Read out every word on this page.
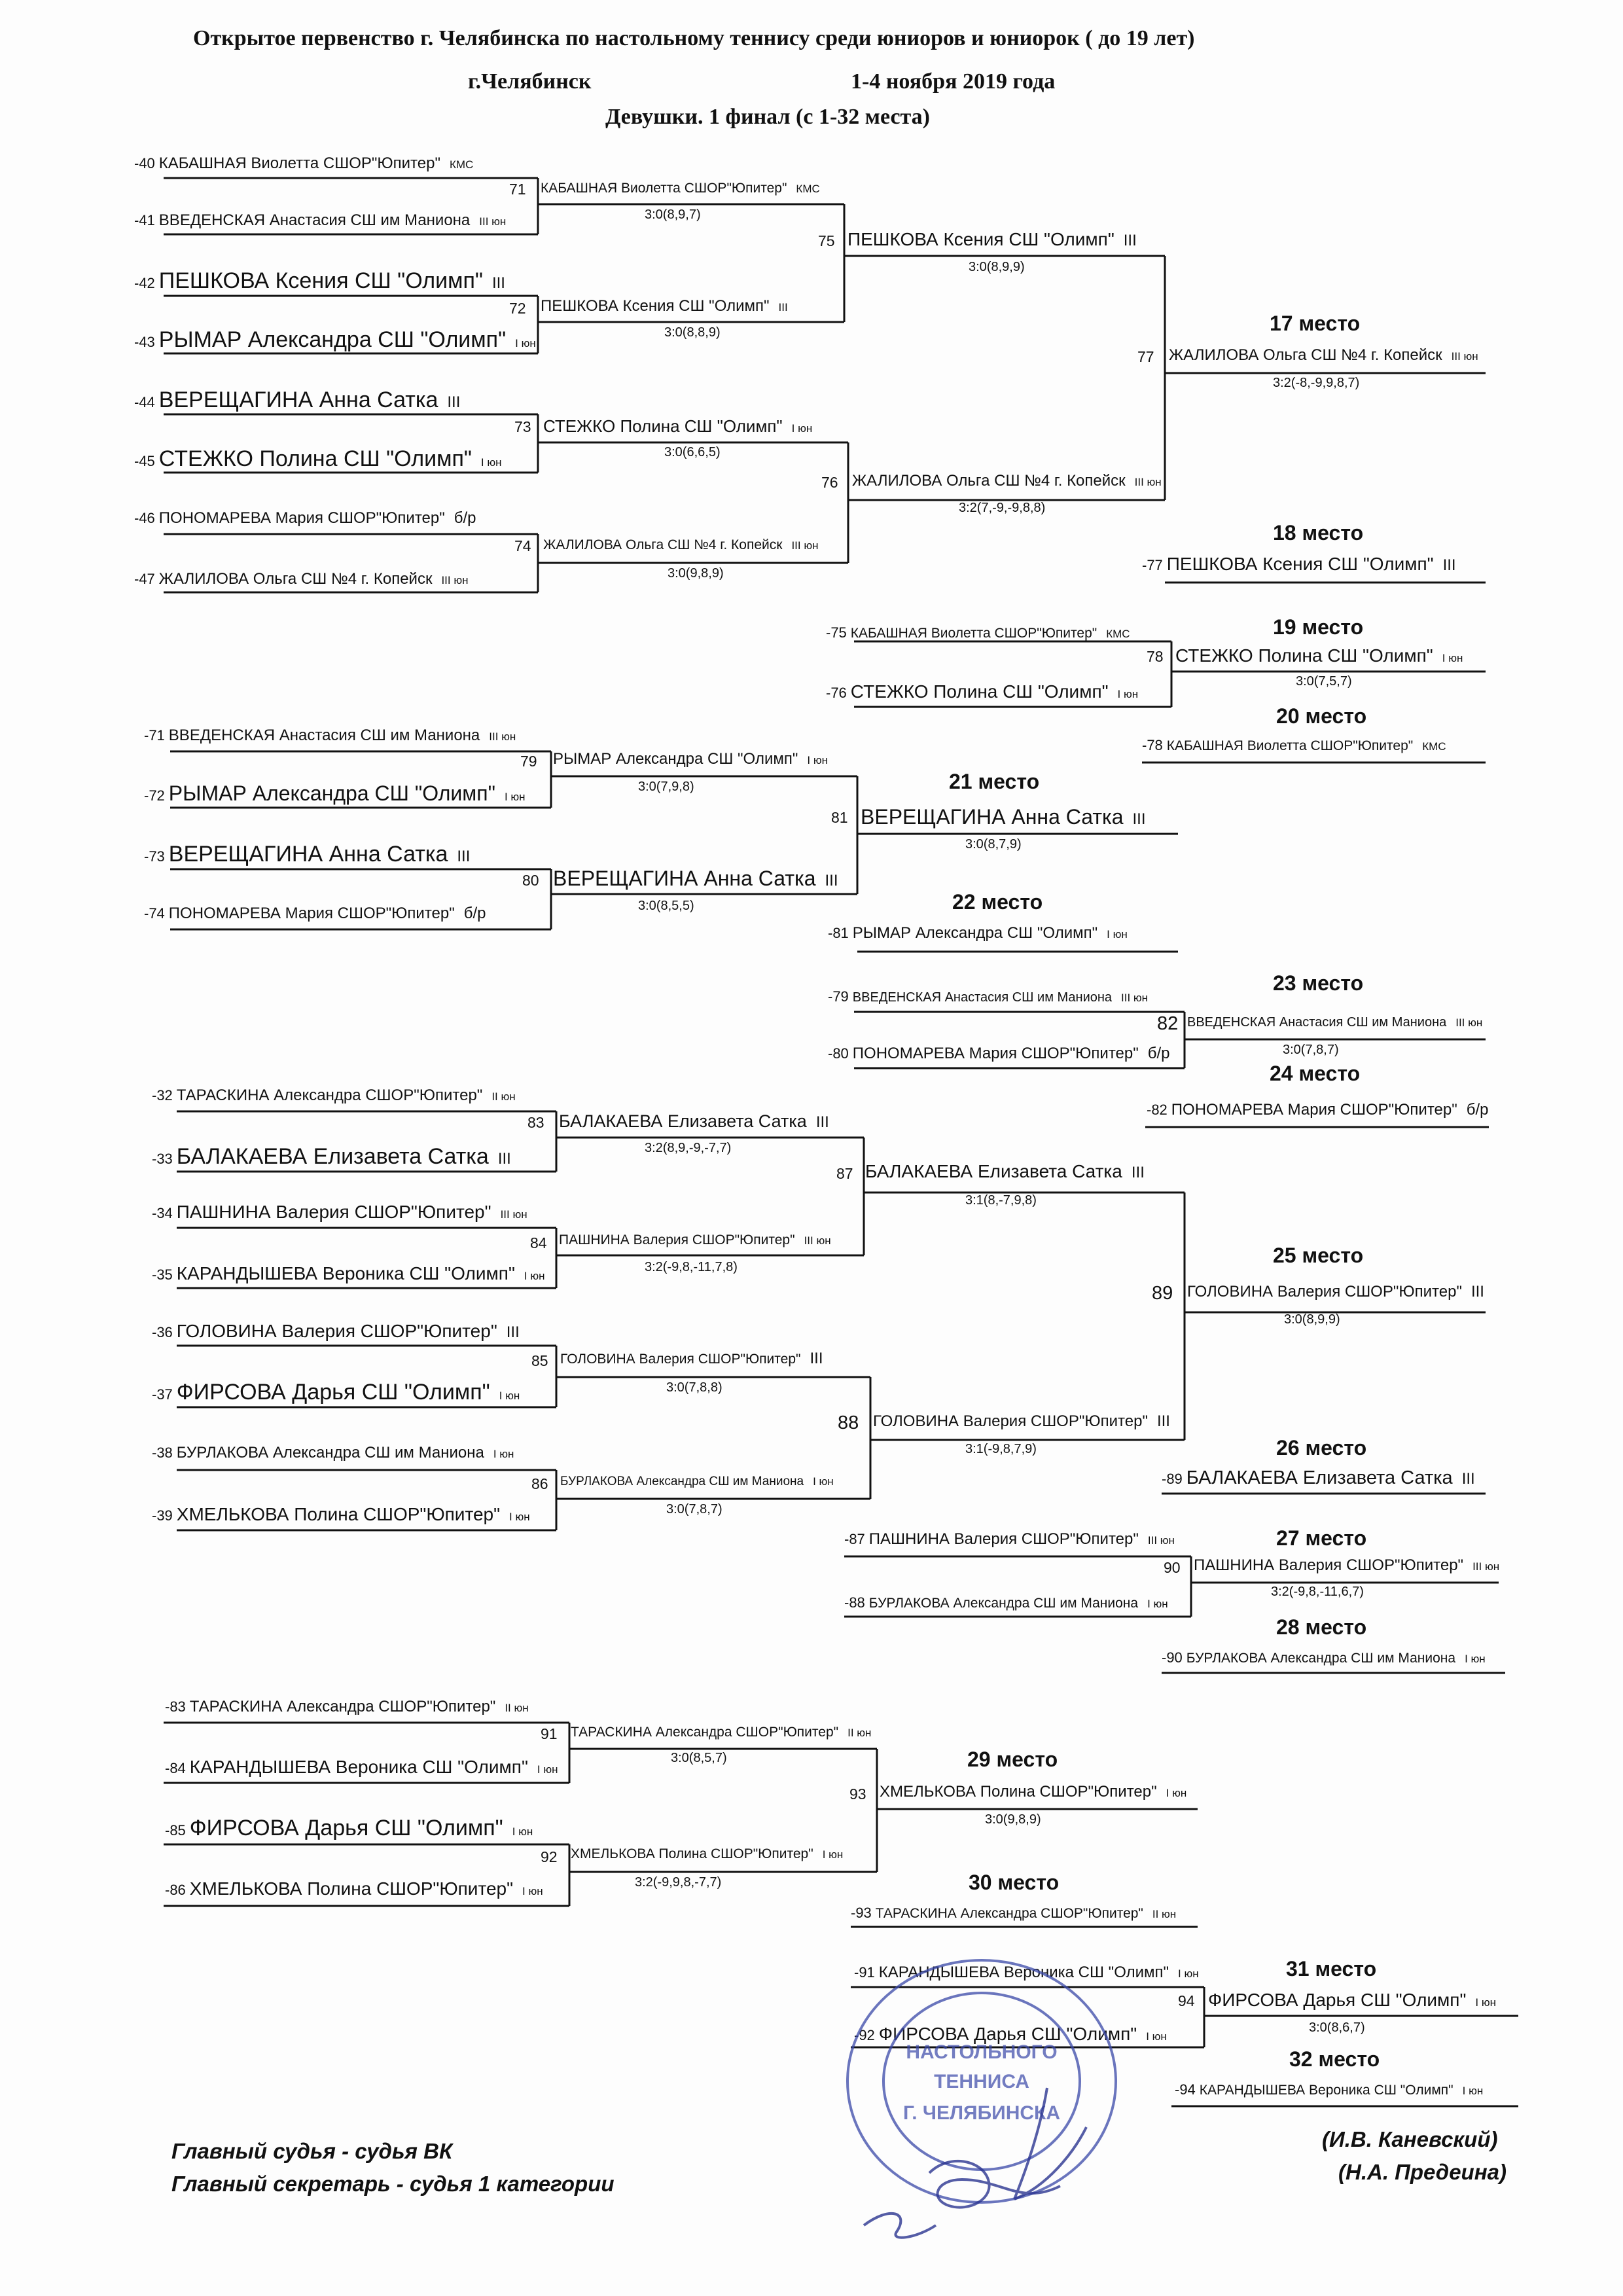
Открытое первенство г. Челябинска по настольному теннису среди юниоров и юниорок ( до 19 лет)
г.Челябинск	1-4 ноября 2019 года
Девушки. 1 финал (с 1-32 места)
-40 КАБАШНАЯ Виолетта СШОР"Юпитер" КМС
-41 ВВЕДЕНСКАЯ Анастасия СШ им Манионa III юн
-42 ПЕШКОВА Ксения СШ "Олимп" III
-43 РЫМАР Александра СШ "Олимп" I юн
-44 ВЕРЕЩАГИНА Анна Сатка III
-45 СТЕЖКО Полина СШ "Олимп" I юн
-46 ПОНОМАРЕВА Мария СШОР"Юпитер" б/р
-47 ЖАЛИЛОВА Ольга СШ №4 г. Копейск III юн
71 КАБАШНАЯ Виолетта СШОР"Юпитер" КМС
3:0(8,9,7)
72 ПЕШКОВА Ксения СШ "Олимп" III
3:0(8,8,9)
73 СТЕЖКО Полина СШ "Олимп" I юн
3:0(6,6,5)
74 ЖАЛИЛОВА Ольга СШ №4 г. Копейск III юн
3:0(9,8,9)
75 ПЕШКОВА Ксения СШ "Олимп" III
3:0(8,9,9)
76 ЖАЛИЛОВА Ольга СШ №4 г. Копейск III юн
3:2(7,-9,-9,8,8)
17 место
77 ЖАЛИЛОВА Ольга СШ №4 г. Копейск III юн
3:2(-8,-9,9,8,7)
18 место
-77 ПЕШКОВА Ксения СШ "Олимп" III
-75 КАБАШНАЯ Виолетта СШОР"Юпитер" КМС
-76 СТЕЖКО Полина СШ "Олимп" I юн
19 место
78 СТЕЖКО Полина СШ "Олимп" I юн
3:0(7,5,7)
20 место
-78 КАБАШНАЯ Виолетта СШОР"Юпитер" КМС
-71 ВВЕДЕНСКАЯ Анастасия СШ им Манионa III юн
-72 РЫМАР Александра СШ "Олимп" I юн
-73 ВЕРЕЩАГИНА Анна Сатка III
-74 ПОНОМАРЕВА Мария СШОР"Юпитер" б/р
79 РЫМАР Александра СШ "Олимп" I юн
3:0(7,9,8)
80 ВЕРЕЩАГИНА Анна Сатка III
3:0(8,5,5)
21 место
81 ВЕРЕЩАГИНА Анна Сатка III
3:0(8,7,9)
22 место
-81 РЫМАР Александра СШ "Олимп" I юн
-79 ВВЕДЕНСКАЯ Анастасия СШ им Манионa III юн
-80 ПОНОМАРЕВА Мария СШОР"Юпитер" б/р
23 место
82 ВВЕДЕНСКАЯ Анастасия СШ им Манионa III юн
3:0(7,8,7)
24 место
-82 ПОНОМАРЕВА Мария СШОР"Юпитер" б/р
-32 ТАРАСКИНА Александра СШОР"Юпитер" II юн
-33 БАЛАКАЕВА Елизавета Сатка III
-34 ПАШНИНА Валерия СШОР"Юпитер" III юн
-35 КАРАНДЫШЕВА Вероника СШ "Олимп" I юн
-36 ГОЛОВИНА Валерия СШОР"Юпитер" III
-37 ФИРСОВА Дарья СШ "Олимп" I юн
-38 БУРЛАКОВА Александра СШ им Манионa I юн
-39 ХМЕЛЬКОВА Полина СШОР"Юпитер" I юн
83 БАЛАКАЕВА Елизавета Сатка III
3:2(8,9,-9,-7,7)
84 ПАШНИНА Валерия СШОР"Юпитер" III юн
3:2(-9,8,-11,7,8)
85 ГОЛОВИНА Валерия СШОР"Юпитер" III
3:0(7,8,8)
86 БУРЛАКОВА Александра СШ им Манионa I юн
3:0(7,8,7)
87 БАЛАКАЕВА Елизавета Сатка III
3:1(8,-7,9,8)
88 ГОЛОВИНА Валерия СШОР"Юпитер" III
3:1(-9,8,7,9)
25 место
89 ГОЛОВИНА Валерия СШОР"Юпитер" III
3:0(8,9,9)
26 место
-89 БАЛАКАЕВА Елизавета Сатка III
-87 ПАШНИНА Валерия СШОР"Юпитер" III юн
-88 БУРЛАКОВА Александра СШ им Манионa I юн
27 место
90 ПАШНИНА Валерия СШОР"Юпитер" III юн
3:2(-9,8,-11,6,7)
28 место
-90 БУРЛАКОВА Александра СШ им Манионa I юн
-83 ТАРАСКИНА Александра СШОР"Юпитер" II юн
-84 КАРАНДЫШЕВА Вероника СШ "Олимп" I юн
-85 ФИРСОВА Дарья СШ "Олимп" I юн
-86 ХМЕЛЬКОВА Полина СШОР"Юпитер" I юн
91 ТАРАСКИНА Александра СШОР"Юпитер" II юн
3:0(8,5,7)
92 ХМЕЛЬКОВА Полина СШОР"Юпитер" I юн
3:2(-9,9,8,-7,7)
29 место
93 ХМЕЛЬКОВА Полина СШОР"Юпитер" I юн
3:0(9,8,9)
30 место
-93 ТАРАСКИНА Александра СШОР"Юпитер" II юн
-91 КАРАНДЫШЕВА Вероника СШ "Олимп" I юн
-92 ФИРСОВА Дарья СШ "Олимп" I юн
31 место
94 ФИРСОВА Дарья СШ "Олимп" I юн
3:0(8,6,7)
32 место
-94 КАРАНДЫШЕВА Вероника СШ "Олимп" I юн
НАСТОЛЬНОГО
ТЕННИСА
Г. ЧЕЛЯБИНСКА
Главный судья - судья ВК
Главный секретарь - судья 1 категории
(И.В. Каневский)
(Н.А. Предеина)
